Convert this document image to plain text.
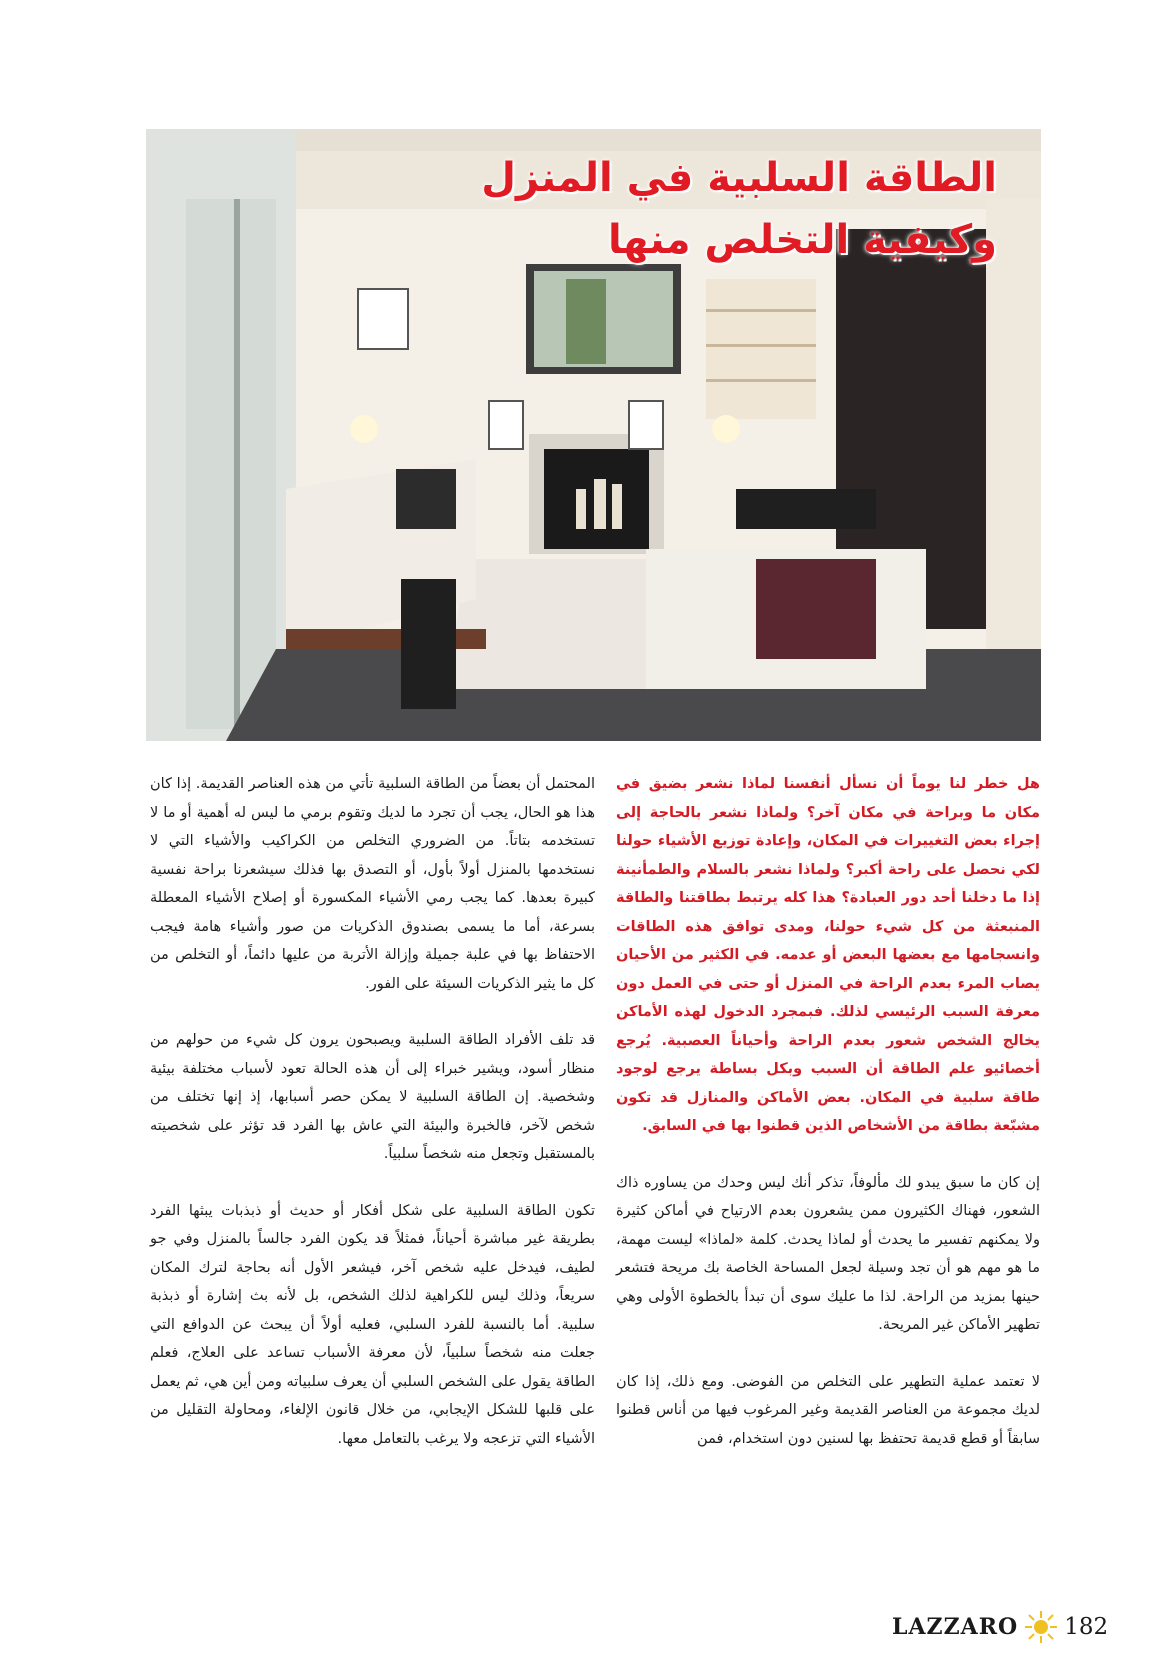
الطاقة السلبية في المنزل
وكيفية التخلص منها

هل خطر لنا يوماً أن نسأل أنفسنا لماذا نشعر بضيق في مكان ما وبراحة في مكان آخر؟ ولماذا نشعر بالحاجة إلى إجراء بعض التغييرات في المكان، وإعادة توزيع الأشياء حولنا لكي نحصل على راحة أكبر؟ ولماذا نشعر بالسلام والطمأنينة إذا ما دخلنا أحد دور العبادة؟ هذا كله يرتبط بطاقتنا والطاقة المنبعثة من كل شيء حولنا، ومدى توافق هذه الطاقات وانسجامها مع بعضها البعض أو عدمه. في الكثير من الأحيان يصاب المرء بعدم الراحة في المنزل أو حتى في العمل دون معرفة السبب الرئيسي لذلك. فبمجرد الدخول لهذه الأماكن يخالج الشخص شعور بعدم الراحة وأحياناً العصبية. يُرجع أخصائيو علم الطاقة أن السبب وبكل بساطة يرجع لوجود طاقة سلبية في المكان. بعض الأماكن والمنازل قد تكون مشبّعة بطاقة من الأشخاص الذين قطنوا بها في السابق.

إن كان ما سبق يبدو لك مألوفاً، تذكر أنك ليس وحدك من يساوره ذاك الشعور، فهناك الكثيرون ممن يشعرون بعدم الارتياح في أماكن كثيرة ولا يمكنهم تفسير ما يحدث أو لماذا يحدث. كلمة «لماذا» ليست مهمة، ما هو مهم هو أن تجد وسيلة لجعل المساحة الخاصة بك مريحة فتشعر حينها بمزيد من الراحة. لذا ما عليك سوى أن تبدأ بالخطوة الأولى وهي تطهير الأماكن غير المريحة.

لا تعتمد عملية التطهير على التخلص من الفوضى. ومع ذلك، إذا كان لديك مجموعة من العناصر القديمة وغير المرغوب فيها من أناس قطنوا سابقاً أو قطع قديمة تحتفظ بها لسنين دون استخدام، فمن

المحتمل أن بعضاً من الطاقة السلبية تأتي من هذه العناصر القديمة. إذا كان هذا هو الحال، يجب أن تجرد ما لديك وتقوم برمي ما ليس له أهمية أو ما لا تستخدمه بتاتاً. من الضروري التخلص من الكراكيب والأشياء التي لا نستخدمها بالمنزل أولاً بأول، أو التصدق بها فذلك سيشعرنا براحة نفسية كبيرة بعدها. كما يجب رمي الأشياء المكسورة أو إصلاح الأشياء المعطلة بسرعة، أما ما يسمى بصندوق الذكريات من صور وأشياء هامة فيجب الاحتفاظ بها في علبة جميلة وإزالة الأتربة من عليها دائماً، أو التخلص من كل ما يثير الذكريات السيئة على الفور.

قد تلف الأفراد الطاقة السلبية ويصبحون يرون كل شيء من حولهم من منظار أسود، ويشير خبراء إلى أن هذه الحالة تعود لأسباب مختلفة بيئية وشخصية. إن الطاقة السلبية لا يمكن حصر أسبابها، إذ إنها تختلف من شخص لآخر، فالخبرة والبيئة التي عاش بها الفرد قد تؤثر على شخصيته بالمستقبل وتجعل منه شخصاً سلبياً.

تكون الطاقة السلبية على شكل أفكار أو حديث أو ذبذبات يبثها الفرد بطريقة غير مباشرة أحياناً، فمثلاً قد يكون الفرد جالساً بالمنزل وفي جو لطيف، فيدخل عليه شخص آخر، فيشعر الأول أنه بحاجة لترك المكان سريعاً، وذلك ليس للكراهية لذلك الشخص، بل لأنه بث إشارة أو ذبذبة سلبية. أما بالنسبة للفرد السلبي، فعليه أولاً أن يبحث عن الدوافع التي جعلت منه شخصاً سلبياً، لأن معرفة الأسباب تساعد على العلاج، فعلم الطاقة يقول على الشخص السلبي أن يعرف سلبياته ومن أين هي، ثم يعمل على قلبها للشكل الإيجابي، من خلال قانون الإلغاء، ومحاولة التقليل من الأشياء التي تزعجه ولا يرغب بالتعامل معها.

LAZZARO 182
